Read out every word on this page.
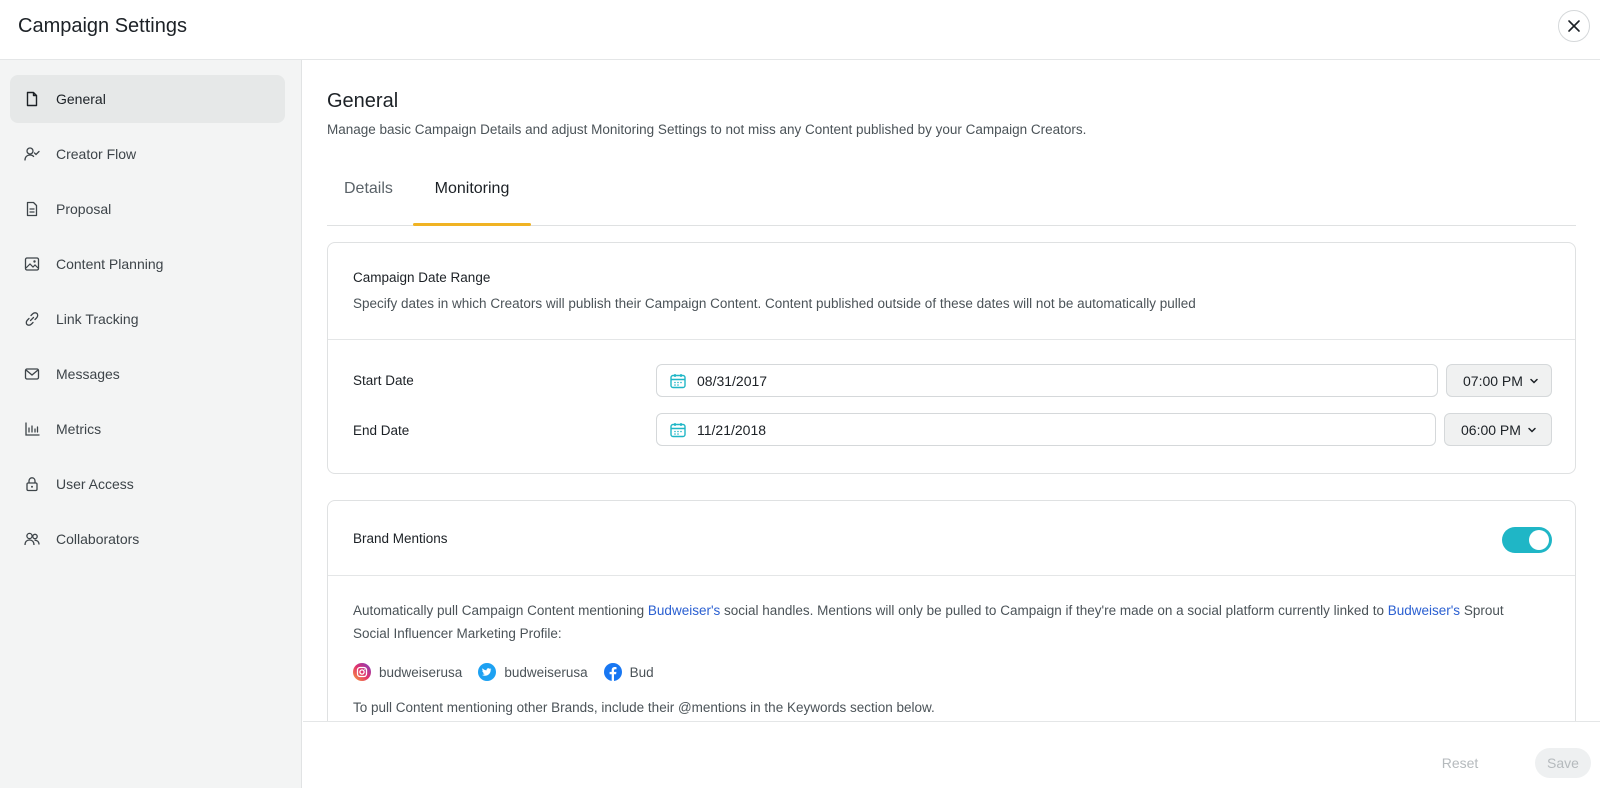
Campaign Settings
General
Creator Flow
Proposal
Content Planning
Link Tracking
Messages
Metrics
User Access
Collaborators
General
Manage basic Campaign Details and adjust Monitoring Settings to not miss any Content published by your Campaign Creators.
Details	Monitoring
Campaign Date Range
Specify dates in which Creators will publish their Campaign Content. Content published outside of these dates will not be automatically pulled
Start Date	08/31/2017	07:00 PM
End Date	11/21/2018	06:00 PM
Brand Mentions
Automatically pull Campaign Content mentioning Budweiser's social handles. Mentions will only be pulled to Campaign if they're made on a social platform currently linked to Budweiser's Sprout Social Influencer Marketing Profile:
budweiserusa	budweiserusa	Bud
To pull Content mentioning other Brands, include their @mentions in the Keywords section below.
Reset	Save
